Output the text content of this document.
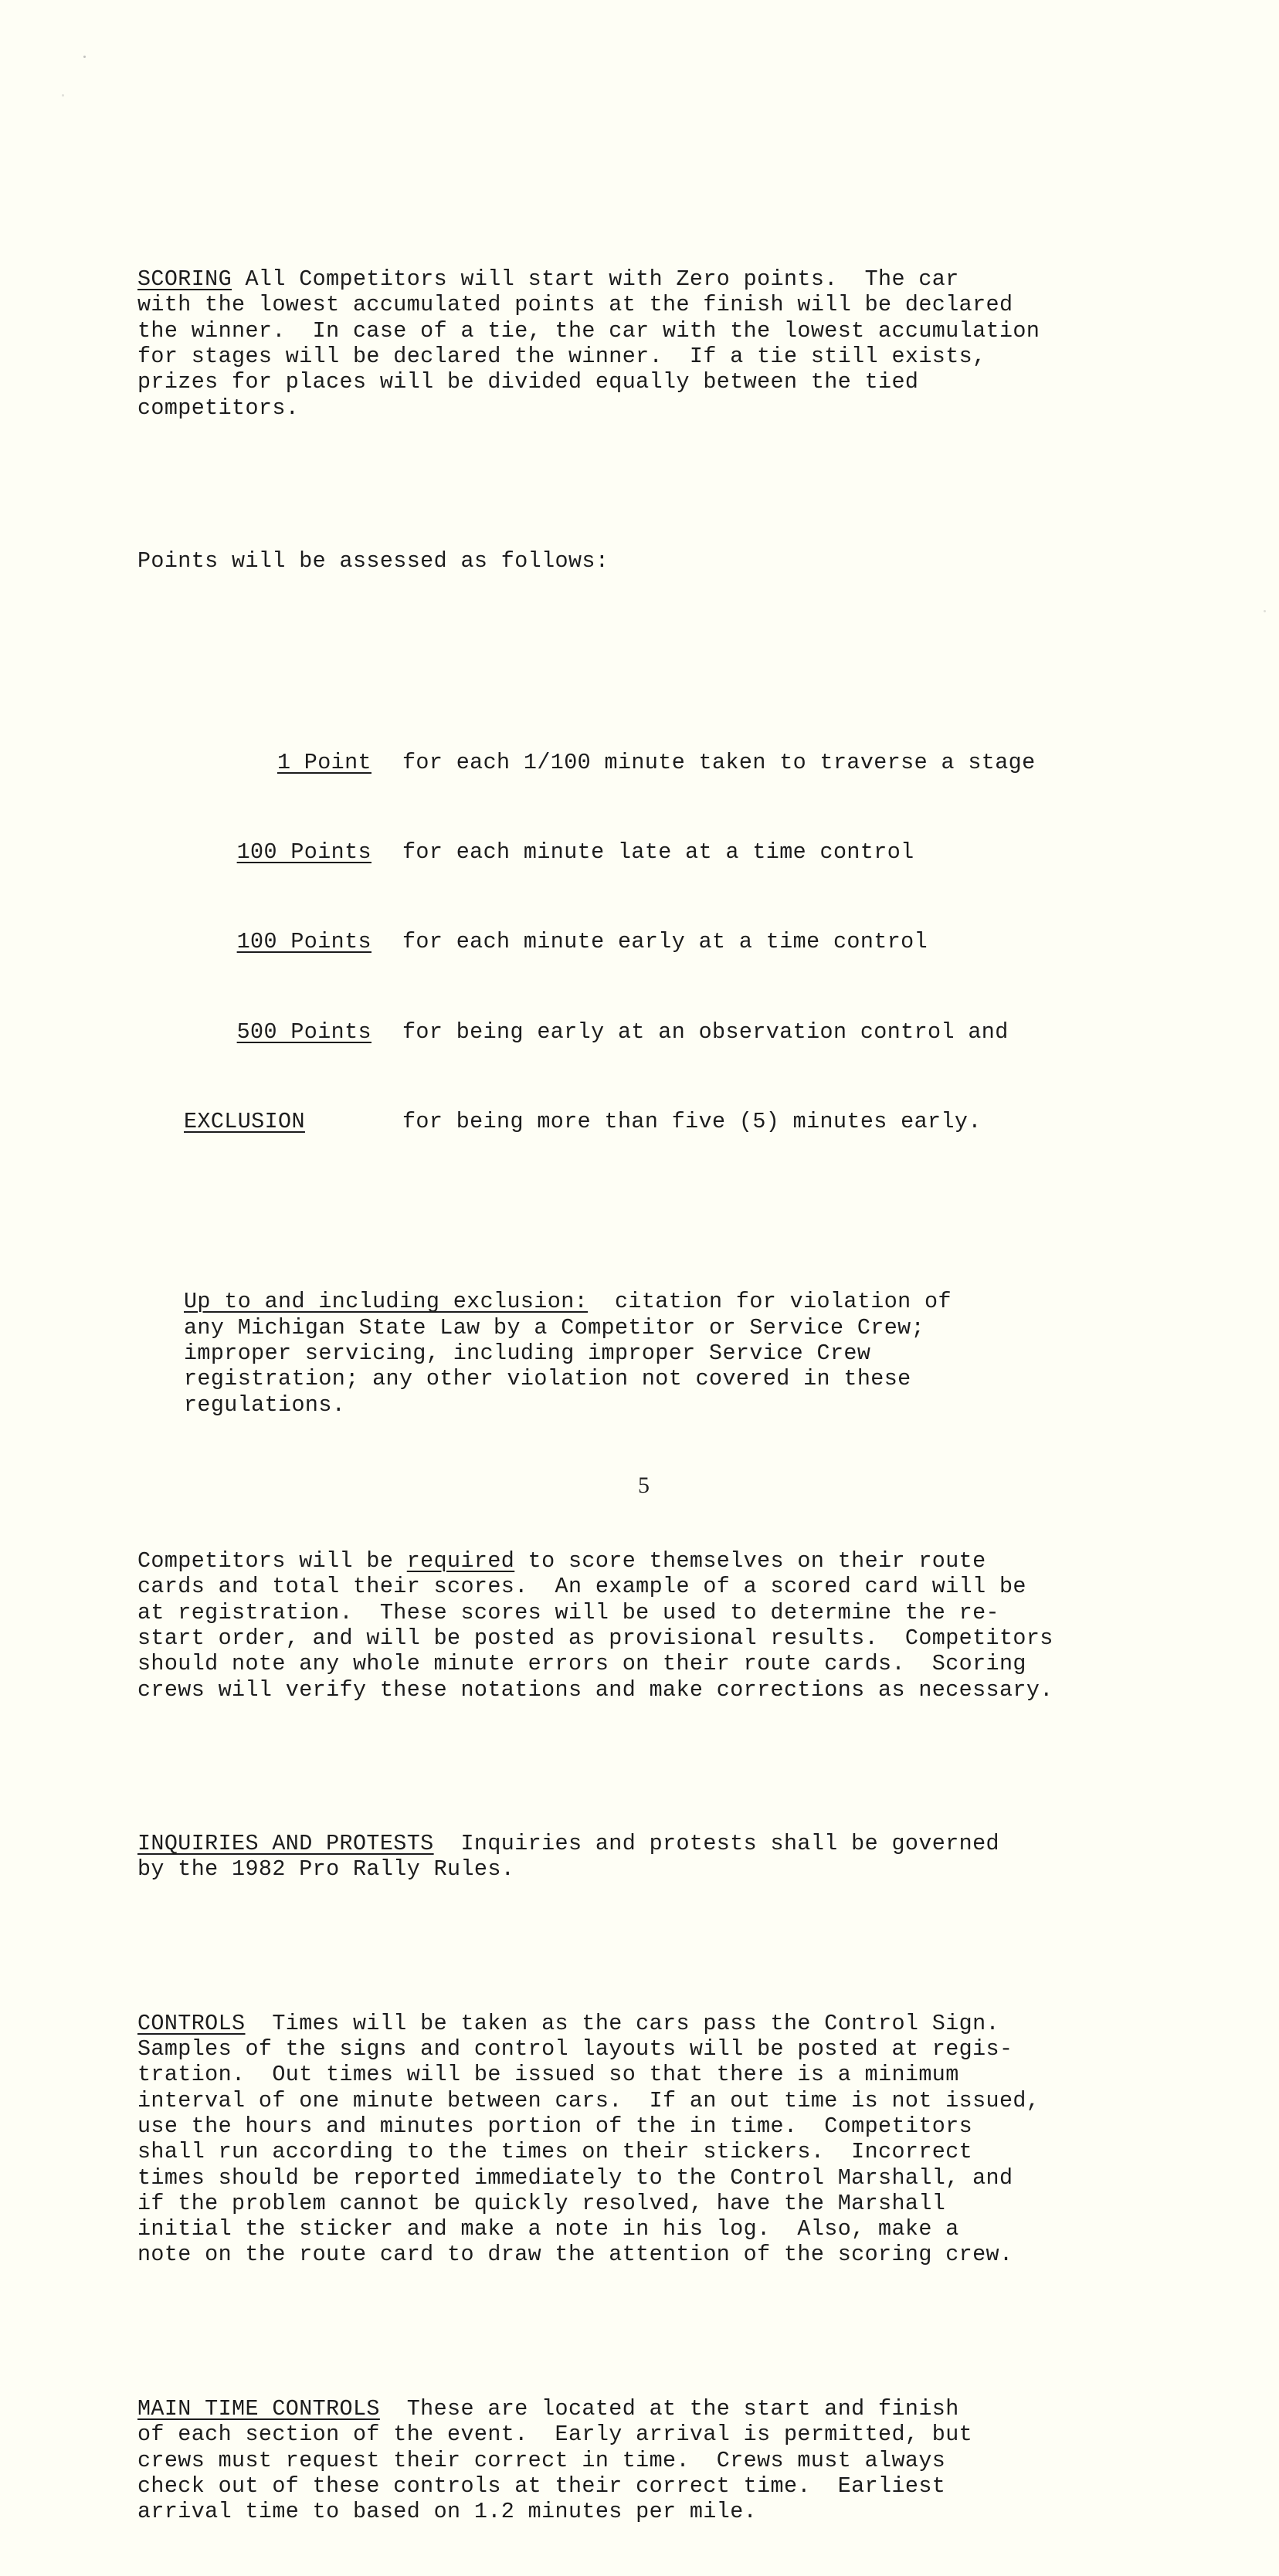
SCORING All Competitors will start with Zero points.  The car
with the lowest accumulated points at the finish will be declared
the winner.  In case of a tie, the car with the lowest accumulation
for stages will be declared the winner.  If a tie still exists,
prizes for places will be divided equally between the tied
competitors.

Points will be assessed as follows:

1 Point	for each 1/100 minute taken to traverse a stage

100 Points	for each minute late at a time control

100 Points	for each minute early at a time control

500 Points	for being early at an observation control and

EXCLUSION	for being more than five (5) minutes early.

Up to and including exclusion:  citation for violation of
any Michigan State Law by a Competitor or Service Crew;
improper servicing, including improper Service Crew
registration; any other violation not covered in these
regulations.

Competitors will be required to score themselves on their route
cards and total their scores.  An example of a scored card will be
at registration.  These scores will be used to determine the re-
start order, and will be posted as provisional results.  Competitors
should note any whole minute errors on their route cards.  Scoring
crews will verify these notations and make corrections as necessary.

INQUIRIES AND PROTESTS  Inquiries and protests shall be governed
by the 1982 Pro Rally Rules.

CONTROLS  Times will be taken as the cars pass the Control Sign.
Samples of the signs and control layouts will be posted at regis-
tration.  Out times will be issued so that there is a minimum
interval of one minute between cars.  If an out time is not issued,
use the hours and minutes portion of the in time.  Competitors
shall run according to the times on their stickers.  Incorrect
times should be reported immediately to the Control Marshall, and
if the problem cannot be quickly resolved, have the Marshall
initial the sticker and make a note in his log.  Also, make a
note on the route card to draw the attention of the scoring crew.

MAIN TIME CONTROLS  These are located at the start and finish
of each section of the event.  Early arrival is permitted, but
crews must request their correct in time.  Crews must always
check out of these controls at their correct time.  Earliest
arrival time to based on 1.2 minutes per mile.

5
